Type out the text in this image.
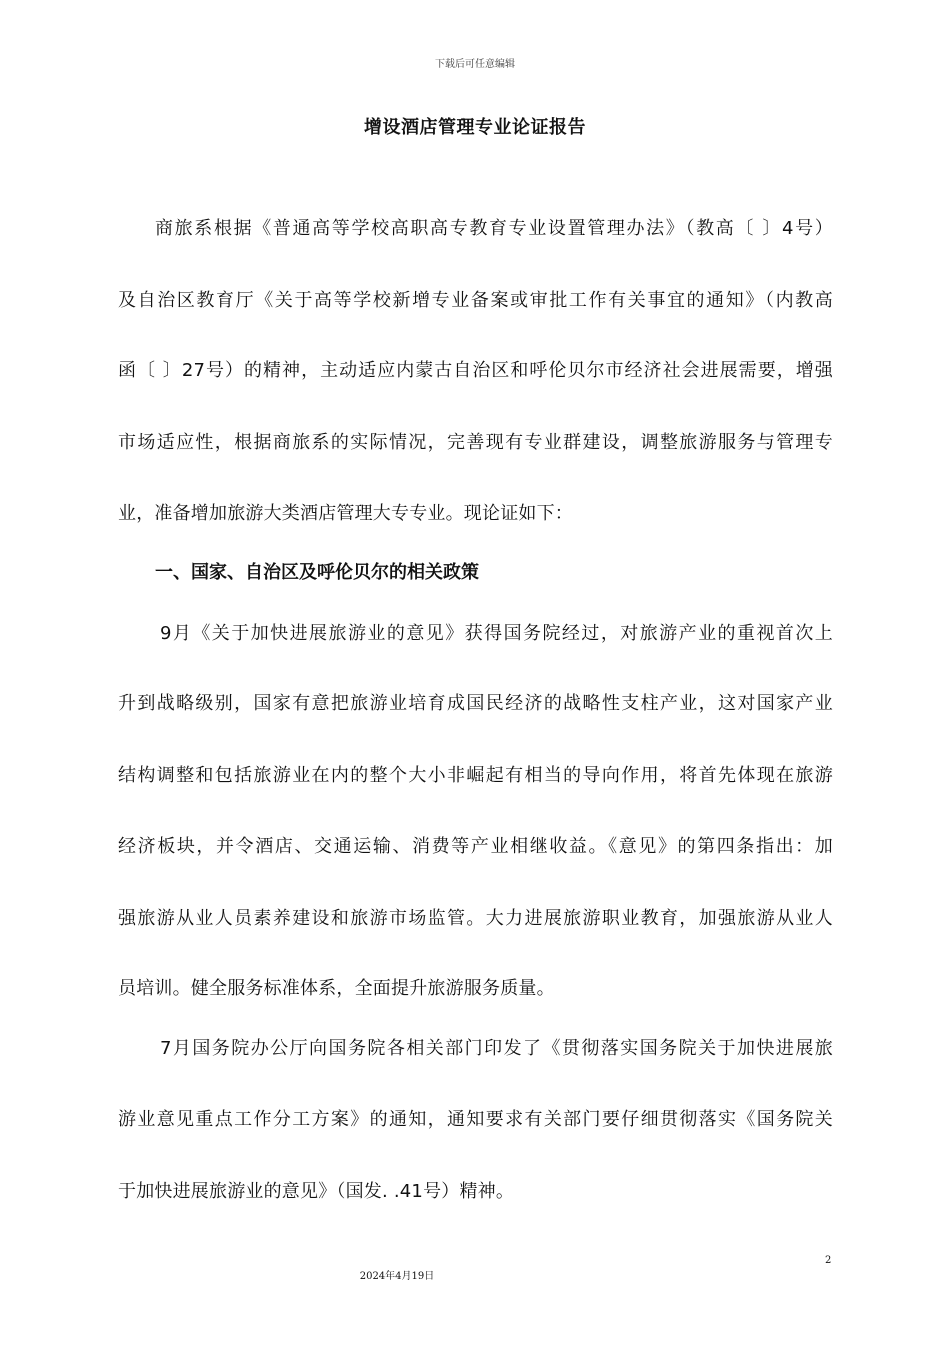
下载后可任意编辑
增设酒店管理专业论证报告
商旅系根据《普通高等学校高职高专教育专业设置管理办法》（教高〔 〕4号）
及自治区教育厅《关于高等学校新增专业备案或审批工作有关事宜的通知》（内教高
函〔 〕27号）的精神，主动适应内蒙古自治区和呼伦贝尔市经济社会进展需要，增强
市场适应性，根据商旅系的实际情况，完善现有专业群建设，调整旅游服务与管理专
业，准备增加旅游大类酒店管理大专专业。现论证如下：
一、国家、自治区及呼伦贝尔的相关政策
9月《关于加快进展旅游业的意见》获得国务院经过，对旅游产业的重视首次上
升到战略级别，国家有意把旅游业培育成国民经济的战略性支柱产业，这对国家产业
结构调整和包括旅游业在内的整个大小非崛起有相当的导向作用，将首先体现在旅游
经济板块，并令酒店、交通运输、消费等产业相继收益。《意见》的第四条指出：加
强旅游从业人员素养建设和旅游市场监管。大力进展旅游职业教育，加强旅游从业人
员培训。健全服务标准体系，全面提升旅游服务质量。
7月国务院办公厅向国务院各相关部门印发了《贯彻落实国务院关于加快进展旅
游业意见重点工作分工方案》的通知，通知要求有关部门要仔细贯彻落实《国务院关
于加快进展旅游业的意见》（国发. .41号）精神。
2
2024年4月19日
